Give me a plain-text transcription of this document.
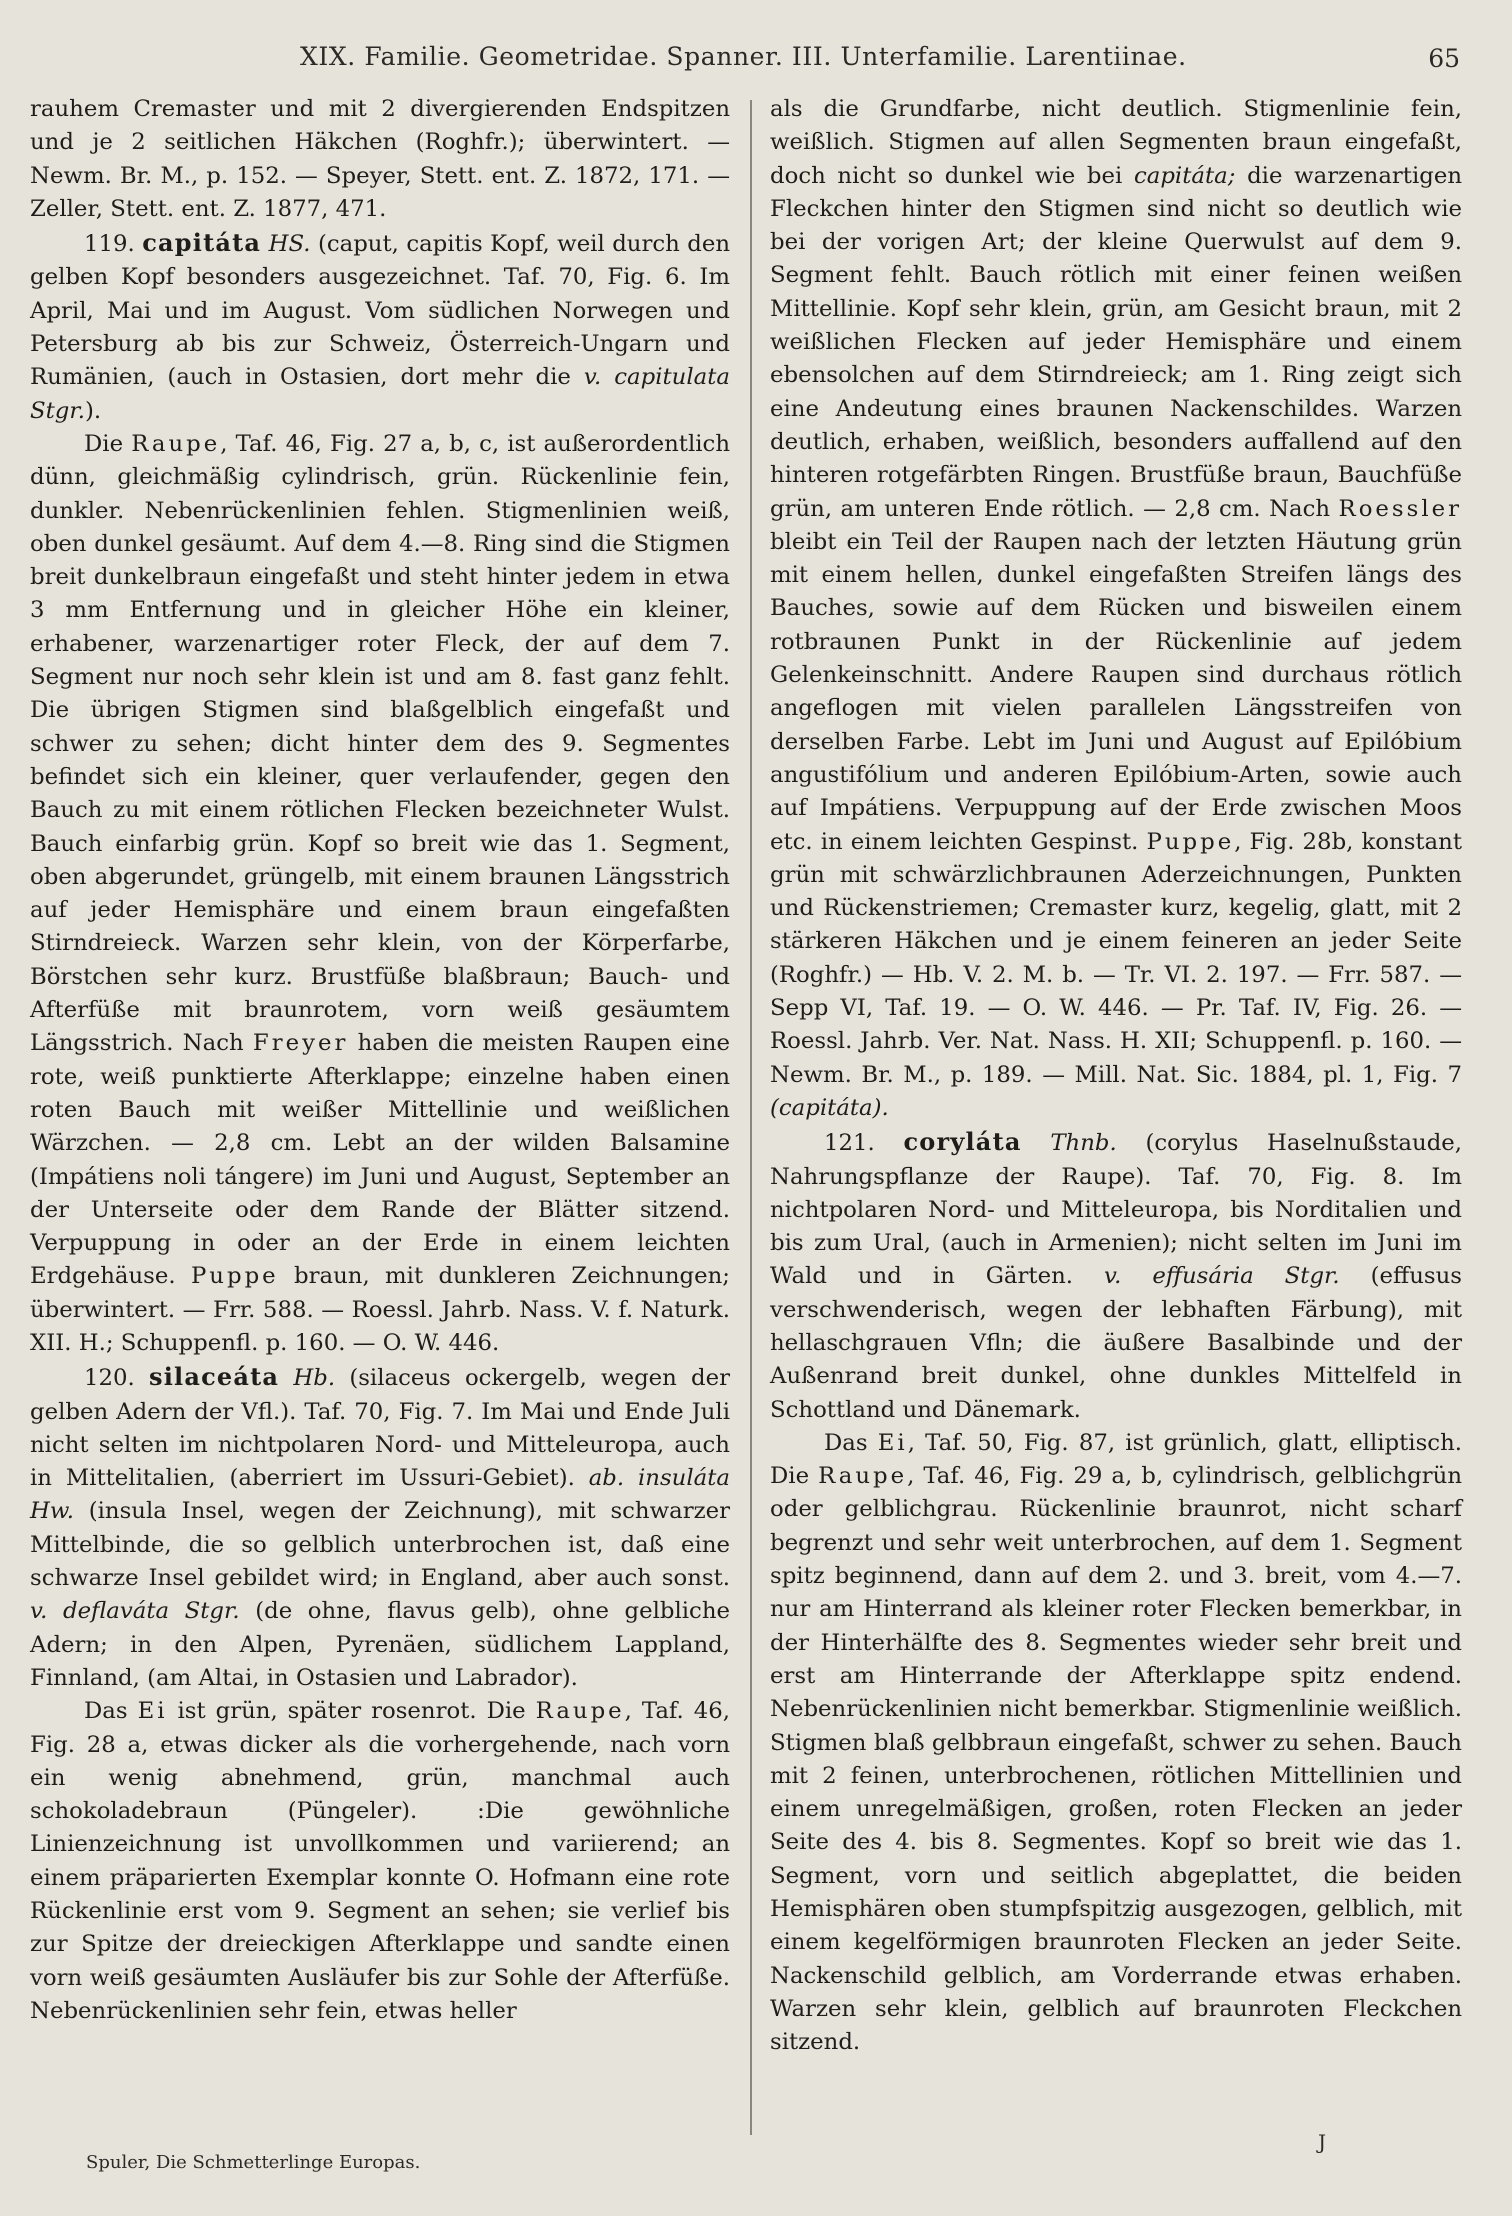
XIX. Familie. Geometridae. Spanner. III. Unterfamilie. Larentiinae.	65

rauhem Cremaster und mit 2 divergierenden Endspitzen und je 2 seitlichen Häkchen (Roghfr.); überwintert. — Newm. Br. M., p. 152. — Speyer, Stett. ent. Z. 1872, 171. — Zeller, Stett. ent. Z. 1877, 471.

119. capitáta HS. (caput, capitis Kopf, weil durch den gelben Kopf besonders ausgezeichnet. Taf. 70, Fig. 6. Im April, Mai und im August. Vom südlichen Norwegen und Petersburg ab bis zur Schweiz, Österreich-Ungarn und Rumänien, (auch in Ostasien, dort mehr die v. capitulata Stgr.).

Die Raupe, Taf. 46, Fig. 27 a, b, c, ist außerordentlich dünn, gleichmäßig cylindrisch, grün. Rückenlinie fein, dunkler. Nebenrückenlinien fehlen. Stigmenlinien weiß, oben dunkel gesäumt. Auf dem 4.—8. Ring sind die Stigmen breit dunkelbraun eingefaßt und steht hinter jedem in etwa 3 mm Entfernung und in gleicher Höhe ein kleiner, erhabener, warzenartiger roter Fleck, der auf dem 7. Segment nur noch sehr klein ist und am 8. fast ganz fehlt. Die übrigen Stigmen sind blaßgelblich eingefaßt und schwer zu sehen; dicht hinter dem des 9. Segmentes befindet sich ein kleiner, quer verlaufender, gegen den Bauch zu mit einem rötlichen Flecken bezeichneter Wulst. Bauch einfarbig grün. Kopf so breit wie das 1. Segment, oben abgerundet, grüngelb, mit einem braunen Längsstrich auf jeder Hemisphäre und einem braun eingefaßten Stirndreieck. Warzen sehr klein, von der Körperfarbe, Börstchen sehr kurz. Brustfüße blaßbraun; Bauch- und Afterfüße mit braunrotem, vorn weiß gesäumtem Längsstrich. Nach Freyer haben die meisten Raupen eine rote, weiß punktierte Afterklappe; einzelne haben einen roten Bauch mit weißer Mittellinie und weißlichen Wärzchen. — 2,8 cm. Lebt an der wilden Balsamine (Impátiens noli tángere) im Juni und August, September an der Unterseite oder dem Rande der Blätter sitzend. Verpuppung in oder an der Erde in einem leichten Erdgehäuse. Puppe braun, mit dunkleren Zeichnungen; überwintert. — Frr. 588. — Roessl. Jahrb. Nass. V. f. Naturk. XII. H.; Schuppenfl. p. 160. — O. W. 446.

120. silaceáta Hb. (silaceus ockergelb, wegen der gelben Adern der Vfl.). Taf. 70, Fig. 7. Im Mai und Ende Juli nicht selten im nichtpolaren Nord- und Mitteleuropa, auch in Mittelitalien, (aberriert im Ussuri-Gebiet). ab. insuláta Hw. (insula Insel, wegen der Zeichnung), mit schwarzer Mittelbinde, die so gelblich unterbrochen ist, daß eine schwarze Insel gebildet wird; in England, aber auch sonst. v. deflaváta Stgr. (de ohne, flavus gelb), ohne gelbliche Adern; in den Alpen, Pyrenäen, südlichem Lappland, Finnland, (am Altai, in Ostasien und Labrador).

Das Ei ist grün, später rosenrot. Die Raupe, Taf. 46, Fig. 28 a, etwas dicker als die vorhergehende, nach vorn ein wenig abnehmend, grün, manchmal auch schokoladebraun (Püngeler). :Die gewöhnliche Linienzeichnung ist unvollkommen und variierend; an einem präparierten Exemplar konnte O. Hofmann eine rote Rückenlinie erst vom 9. Segment an sehen; sie verlief bis zur Spitze der dreieckigen Afterklappe und sandte einen vorn weiß gesäumten Ausläufer bis zur Sohle der Afterfüße. Nebenrückenlinien sehr fein, etwas heller

als die Grundfarbe, nicht deutlich. Stigmenlinie fein, weißlich. Stigmen auf allen Segmenten braun eingefaßt, doch nicht so dunkel wie bei capitáta; die warzenartigen Fleckchen hinter den Stigmen sind nicht so deutlich wie bei der vorigen Art; der kleine Querwulst auf dem 9. Segment fehlt. Bauch rötlich mit einer feinen weißen Mittellinie. Kopf sehr klein, grün, am Gesicht braun, mit 2 weißlichen Flecken auf jeder Hemisphäre und einem ebensolchen auf dem Stirndreieck; am 1. Ring zeigt sich eine Andeutung eines braunen Nackenschildes. Warzen deutlich, erhaben, weißlich, besonders auffallend auf den hinteren rotgefärbten Ringen. Brustfüße braun, Bauchfüße grün, am unteren Ende rötlich. — 2,8 cm. Nach Roessler bleibt ein Teil der Raupen nach der letzten Häutung grün mit einem hellen, dunkel eingefaßten Streifen längs des Bauches, sowie auf dem Rücken und bisweilen einem rotbraunen Punkt in der Rückenlinie auf jedem Gelenkeinschnitt. Andere Raupen sind durchaus rötlich angeflogen mit vielen parallelen Längsstreifen von derselben Farbe. Lebt im Juni und August auf Epilóbium angustifólium und anderen Epilóbium-Arten, sowie auch auf Impátiens. Verpuppung auf der Erde zwischen Moos etc. in einem leichten Gespinst. Puppe, Fig. 28b, konstant grün mit schwärzlichbraunen Aderzeichnungen, Punkten und Rückenstriemen; Cremaster kurz, kegelig, glatt, mit 2 stärkeren Häkchen und je einem feineren an jeder Seite (Roghfr.) — Hb. V. 2. M. b. — Tr. VI. 2. 197. — Frr. 587. — Sepp VI, Taf. 19. — O. W. 446. — Pr. Taf. IV, Fig. 26. — Roessl. Jahrb. Ver. Nat. Nass. H. XII; Schuppenfl. p. 160. — Newm. Br. M., p. 189. — Mill. Nat. Sic. 1884, pl. 1, Fig. 7 (capitáta).

121. coryláta Thnb. (corylus Haselnußstaude, Nahrungspflanze der Raupe). Taf. 70, Fig. 8. Im nichtpolaren Nord- und Mitteleuropa, bis Norditalien und bis zum Ural, (auch in Armenien); nicht selten im Juni im Wald und in Gärten. v. effusária Stgr. (effusus verschwenderisch, wegen der lebhaften Färbung), mit hellaschgrauen Vfln; die äußere Basalbinde und der Außenrand breit dunkel, ohne dunkles Mittelfeld in Schottland und Dänemark.

Das Ei, Taf. 50, Fig. 87, ist grünlich, glatt, elliptisch. Die Raupe, Taf. 46, Fig. 29 a, b, cylindrisch, gelblichgrün oder gelblichgrau. Rückenlinie braunrot, nicht scharf begrenzt und sehr weit unterbrochen, auf dem 1. Segment spitz beginnend, dann auf dem 2. und 3. breit, vom 4.—7. nur am Hinterrand als kleiner roter Flecken bemerkbar, in der Hinterhälfte des 8. Segmentes wieder sehr breit und erst am Hinterrande der Afterklappe spitz endend. Nebenrückenlinien nicht bemerkbar. Stigmenlinie weißlich. Stigmen blaß gelbbraun eingefaßt, schwer zu sehen. Bauch mit 2 feinen, unterbrochenen, rötlichen Mittellinien und einem unregelmäßigen, großen, roten Flecken an jeder Seite des 4. bis 8. Segmentes. Kopf so breit wie das 1. Segment, vorn und seitlich abgeplattet, die beiden Hemisphären oben stumpfspitzig ausgezogen, gelblich, mit einem kegelförmigen braunroten Flecken an jeder Seite. Nackenschild gelblich, am Vorderrande etwas erhaben. Warzen sehr klein, gelblich auf braunroten Fleckchen sitzend.

Spuler, Die Schmetterlinge Europas.
J
